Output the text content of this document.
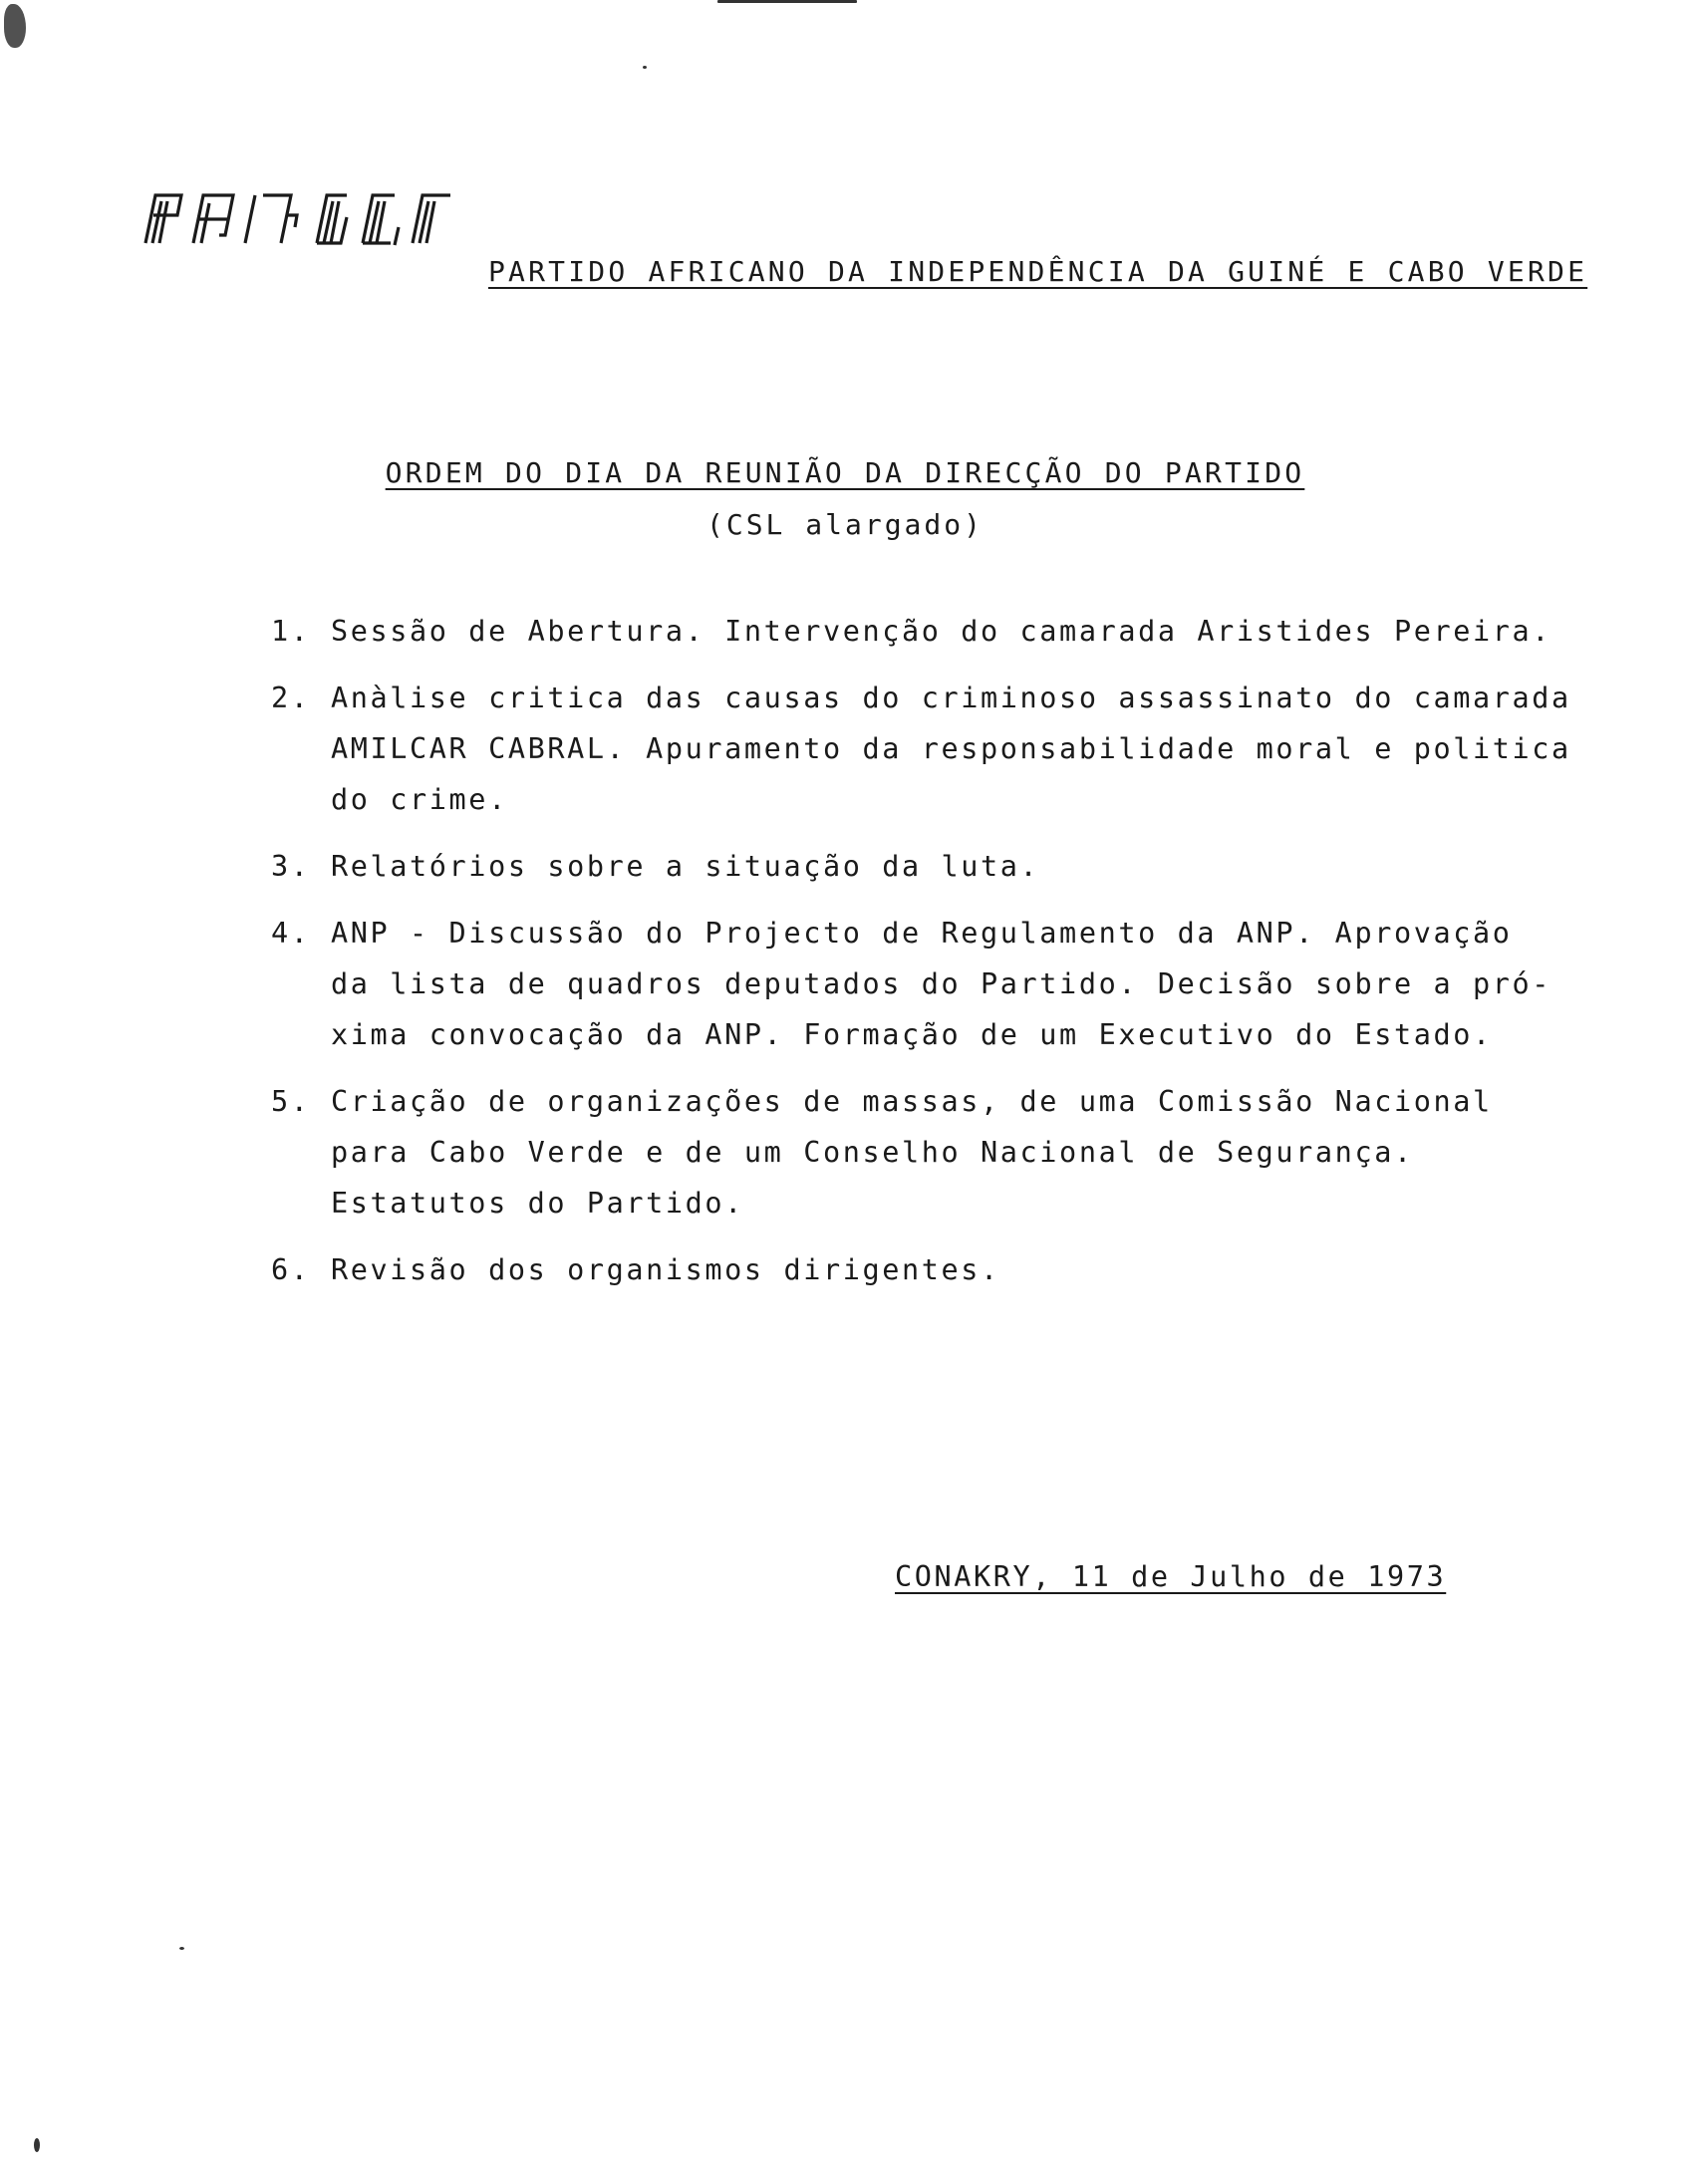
PARTIDO AFRICANO DA INDEPENDÊNCIA DA GUINÉ E CABO VERDE
ORDEM DO DIA DA REUNIÃO DA DIRECÇÃO DO PARTIDO
(CSL alargado)
1. Sessão de Abertura. Intervenção do camarada Aristides Pereira.
2. Anàlise critica das causas do criminoso assassinato do camarada
AMILCAR CABRAL. Apuramento da responsabilidade moral e politica
do crime.
3. Relatórios sobre a situação da luta.
4. ANP - Discussão do Projecto de Regulamento da ANP. Aprovação
da lista de quadros deputados do Partido. Decisão sobre a pró-
xima convocação da ANP. Formação de um Executivo do Estado.
5. Criação de organizações de massas, de uma Comissão Nacional
para Cabo Verde e de um Conselho Nacional de Segurança.
Estatutos do Partido.
6. Revisão dos organismos dirigentes.
CONAKRY, 11 de Julho de 1973
